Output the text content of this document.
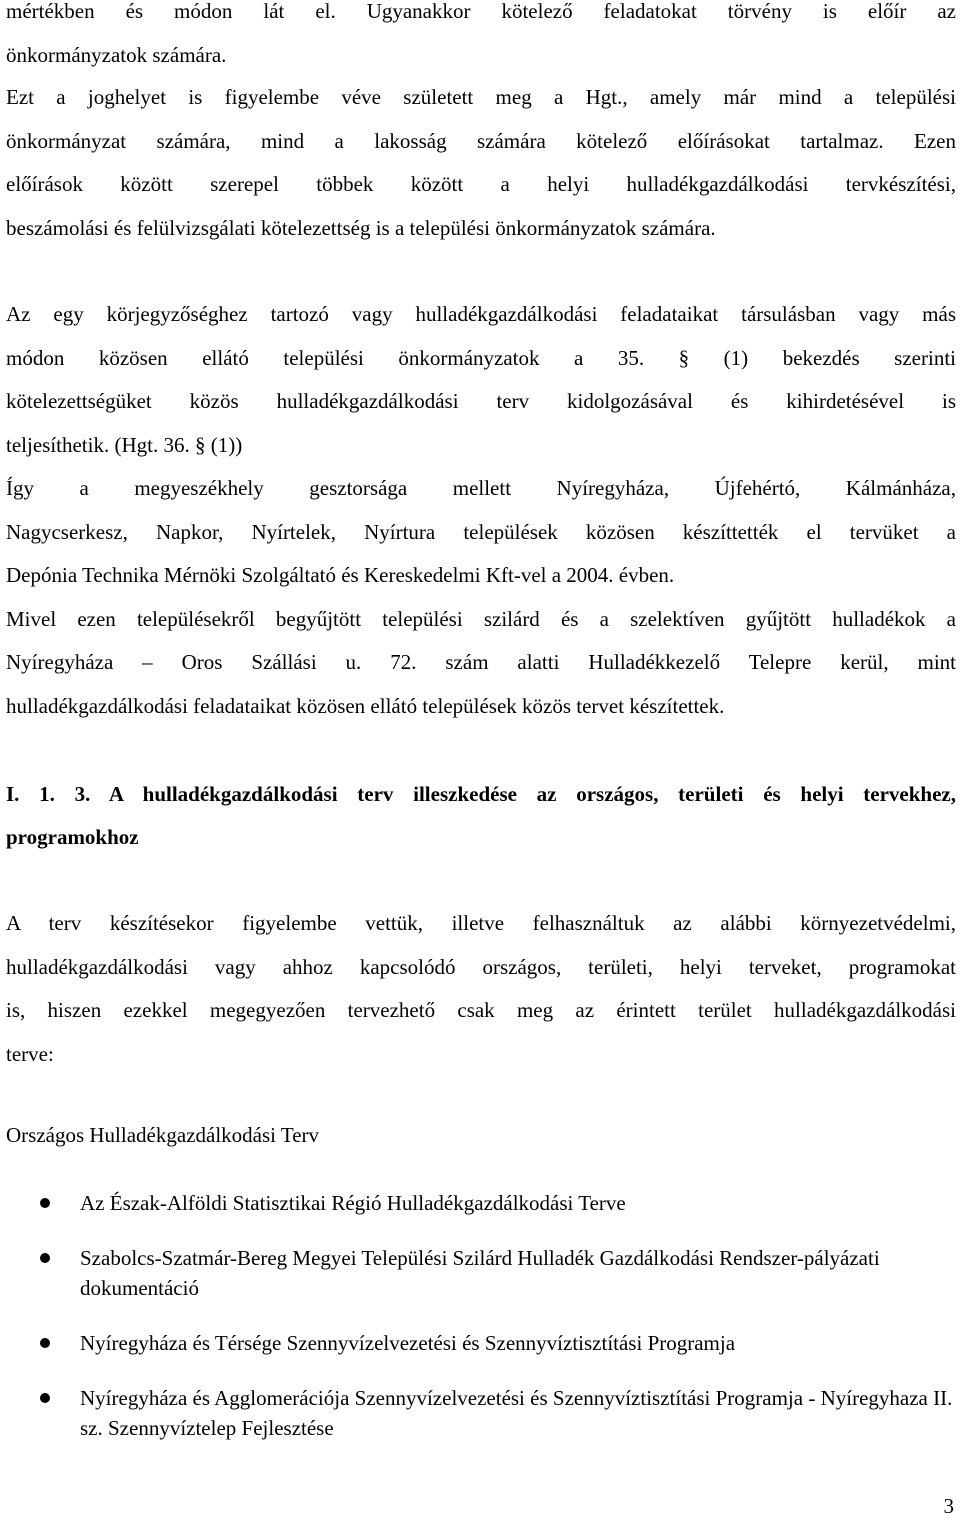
mértékben és módon lát el. Ugyanakkor kötelező feladatokat törvény is előír az
önkormányzatok számára.
Ezt a joghelyet is figyelembe véve született meg a Hgt., amely már mind a települési
önkormányzat számára, mind a lakosság számára kötelező előírásokat tartalmaz. Ezen
előírások között szerepel többek között a helyi hulladékgazdálkodási tervkészítési,
beszámolási és felülvizsgálati kötelezettség is a települési önkormányzatok számára.
Az egy körjegyzőséghez tartozó vagy hulladékgazdálkodási feladataikat társulásban vagy más
módon közösen ellátó települési önkormányzatok a 35. § (1) bekezdés szerinti
kötelezettségüket közös hulladékgazdálkodási terv kidolgozásával és kihirdetésével is
teljesíthetik. (Hgt. 36. § (1))
Így a megyeszékhely gesztorsága mellett Nyíregyháza, Újfehértó, Kálmánháza,
Nagycserkesz, Napkor, Nyírtelek, Nyírtura települések közösen készíttették el tervüket a
Depónia Technika Mérnöki Szolgáltató és Kereskedelmi Kft-vel a 2004. évben.
Mivel ezen településekről begyűjtött települési szilárd és a szelektíven gyűjtött hulladékok a
Nyíregyháza – Oros Szállási u. 72. szám alatti Hulladékkezelő Telepre kerül, mint
hulladékgazdálkodási feladataikat közösen ellátó települések közös tervet készítettek.
I. 1. 3. A hulladékgazdálkodási terv illeszkedése az országos, területi és helyi tervekhez,
programokhoz
A terv készítésekor figyelembe vettük, illetve felhasználtuk az alábbi környezetvédelmi,
hulladékgazdálkodási vagy ahhoz kapcsolódó országos, területi, helyi terveket, programokat
is, hiszen ezekkel megegyezően tervezhető csak meg az érintett terület hulladékgazdálkodási
terve:

Országos Hulladékgazdálkodási Terv

Az Észak-Alföldi Statisztikai Régió Hulladékgazdálkodási Terve
Szabolcs-Szatmár-Bereg Megyei Települési Szilárd Hulladék Gazdálkodási Rendszer-pályázati dokumentáció
Nyíregyháza és Térsége Szennyvízelvezetési és Szennyvíztisztítási Programja
Nyíregyháza és Agglomerációja Szennyvízelvezetési és Szennyvíztisztítási Programja - Nyíregyhaza II. sz. Szennyvíztelep Fejlesztése
3
